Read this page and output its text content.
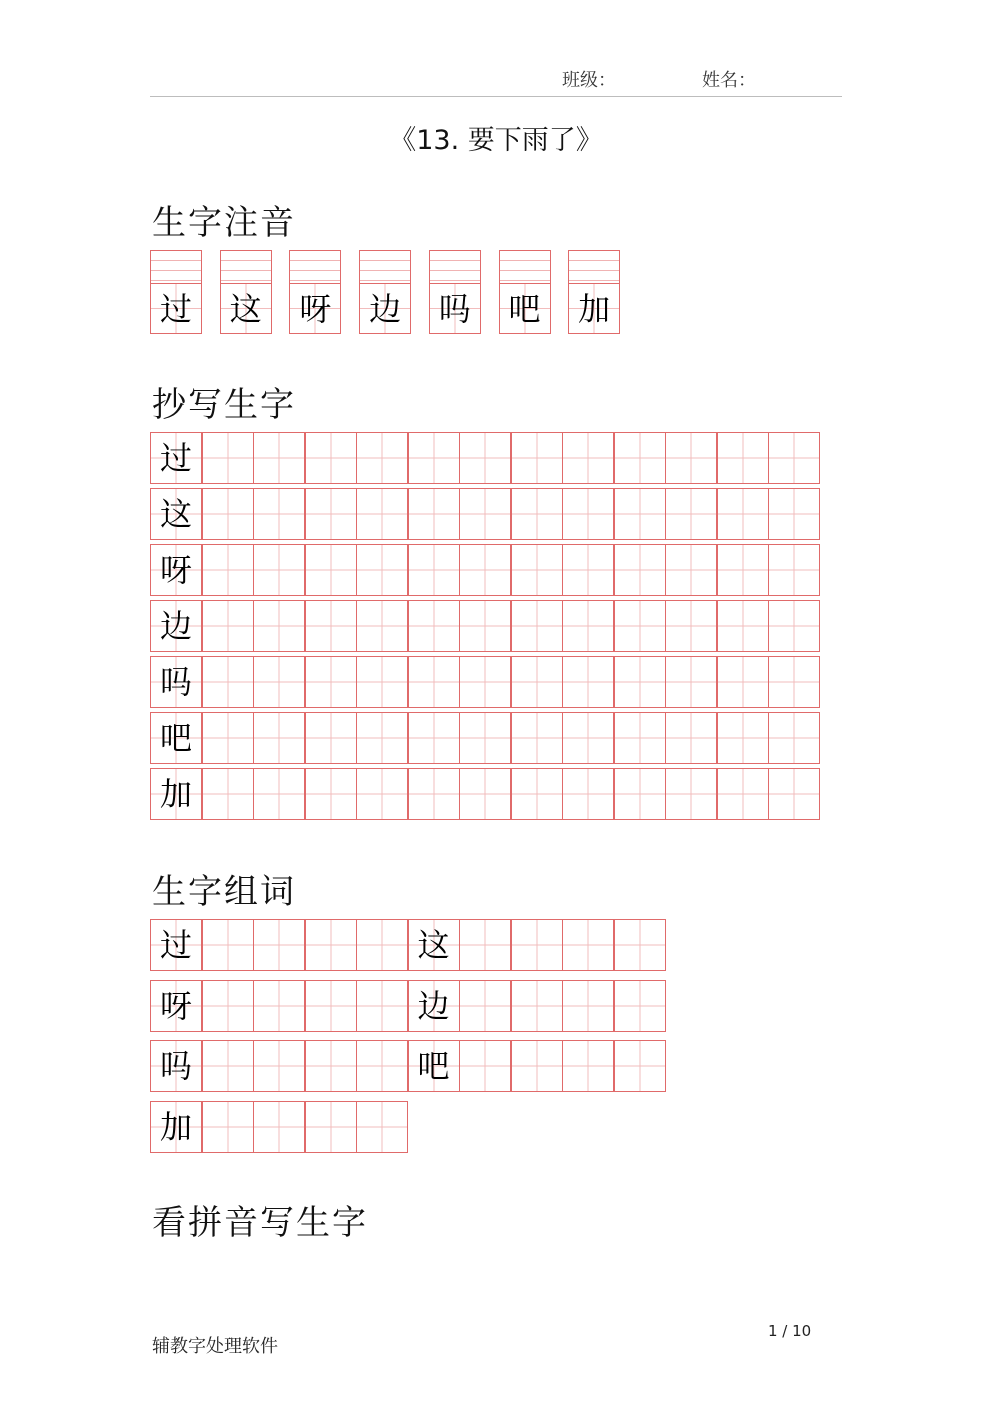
班级：	姓名：
《13. 要下雨了》
生字注音
过 这 呀 边 吗 吧 加
抄写生字
过
这
呀
边
吗
吧
加
生字组词
过	这
呀	边
吗	吧
加
看拼音写生字
1 / 10
辅教字处理软件
